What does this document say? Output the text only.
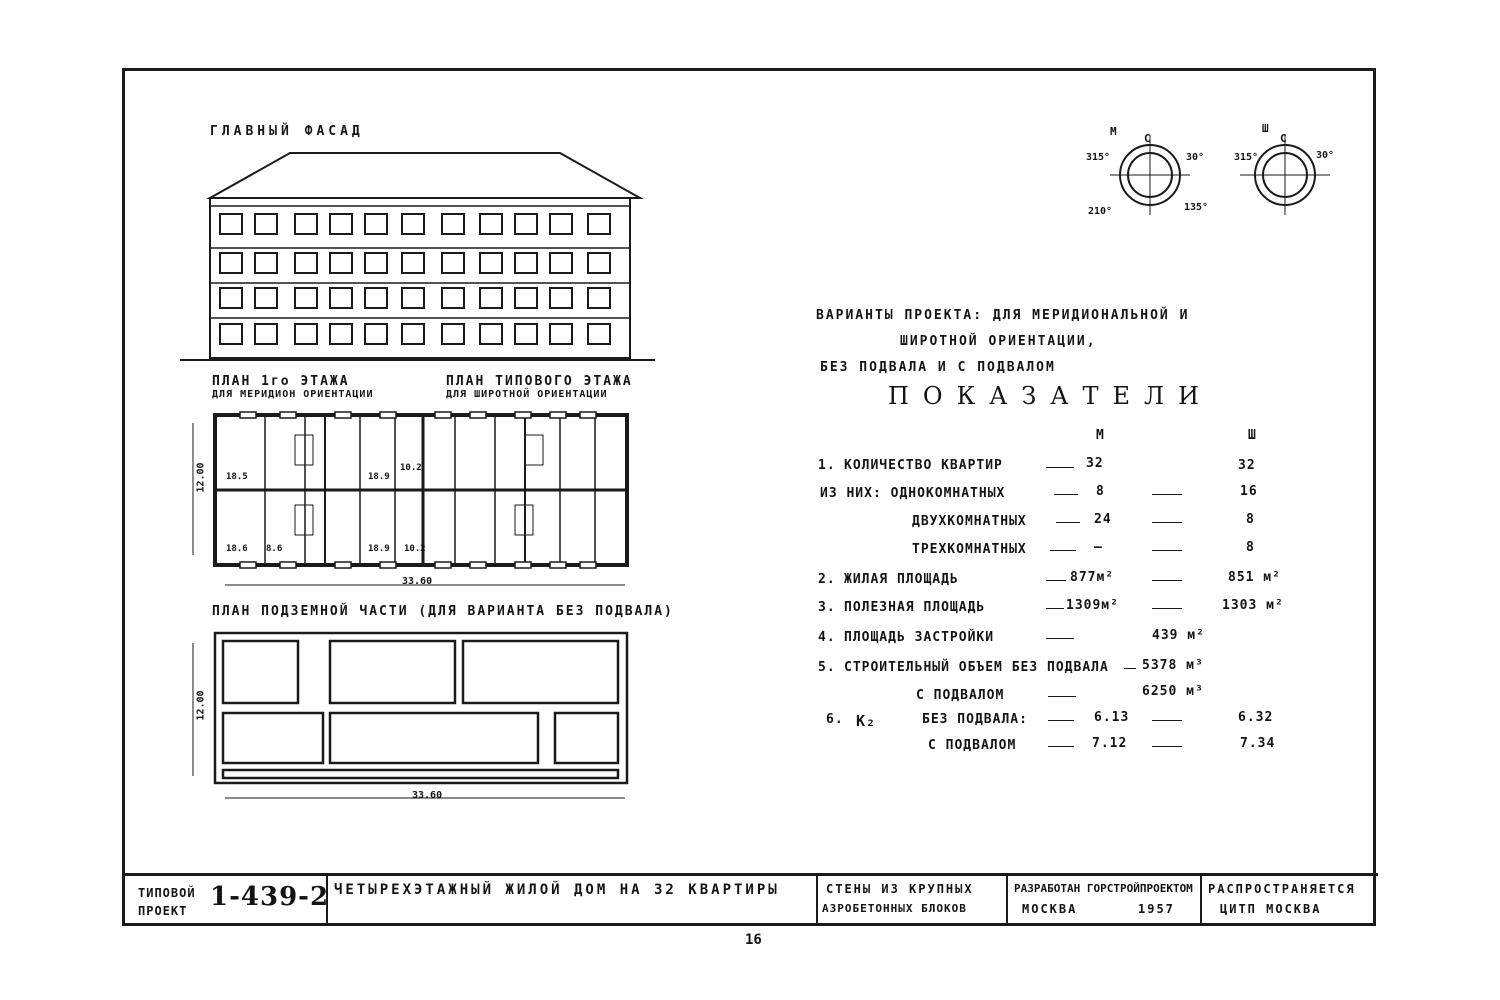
ГЛАВНЫЙ ФАСАД
ПЛАН 1го ЭТАЖА
ДЛЯ МЕРИДИОН ОРИЕНТАЦИИ
ПЛАН ТИПОВОГО ЭТАЖА
ДЛЯ ШИРОТНОЙ ОРИЕНТАЦИИ
18.5	18.9
10.2
18.6 8.6	18.9 10.2
12.00
33.60
ПЛАН ПОДЗЕМНОЙ ЧАСТИ (ДЛЯ ВАРИАНТА БЕЗ ПОДВАЛА)
12.00
33.60
М
С
315°	30°
210°	135°
Ш
С
315°	30°
ВАРИАНТЫ ПРОЕКТА: ДЛЯ МЕРИДИОНАЛЬНОЙ И
ШИРОТНОЙ ОРИЕНТАЦИИ,
БЕЗ ПОДВАЛА И С ПОДВАЛОМ
ПОКАЗАТЕЛИ
М	Ш
1. КОЛИЧЕСТВО КВАРТИР	32	32
ИЗ НИХ: ОДНОКОМНАТНЫХ	8	16
ДВУХКОМНАТНЫХ	24	8
ТРЕХКОМНАТНЫХ	—	8
2. ЖИЛАЯ ПЛОЩАДЬ	877м²	851 м²
3. ПОЛЕЗНАЯ ПЛОЩАДЬ	1309м²	1303 м²
4. ПЛОЩАДЬ ЗАСТРОЙКИ	439 м²
5. СТРОИТЕЛЬНЫЙ ОБЪЕМ БЕЗ ПОДВАЛА	5378 м³
С ПОДВАЛОМ	6250 м³
6. K₂	БЕЗ ПОДВАЛА:	6.13	6.32
С ПОДВАЛОМ	7.12	7.34
ТИПОВОЙ
ПРОЕКТ 1-439-2 ЧЕТЫРЕХЭТАЖНЫЙ ЖИЛОЙ ДОМ НА 32 КВАРТИРЫ	СТЕНЫ ИЗ КРУПНЫХ
АЗРОБЕТОННЫХ БЛОКОВ
РАЗРАБОТАН ГОРСТРОЙПРОЕКТОМ
МОСКВА	1957
РАСПРОСТРАНЯЕТСЯ
ЦИТП МОСКВА
16
